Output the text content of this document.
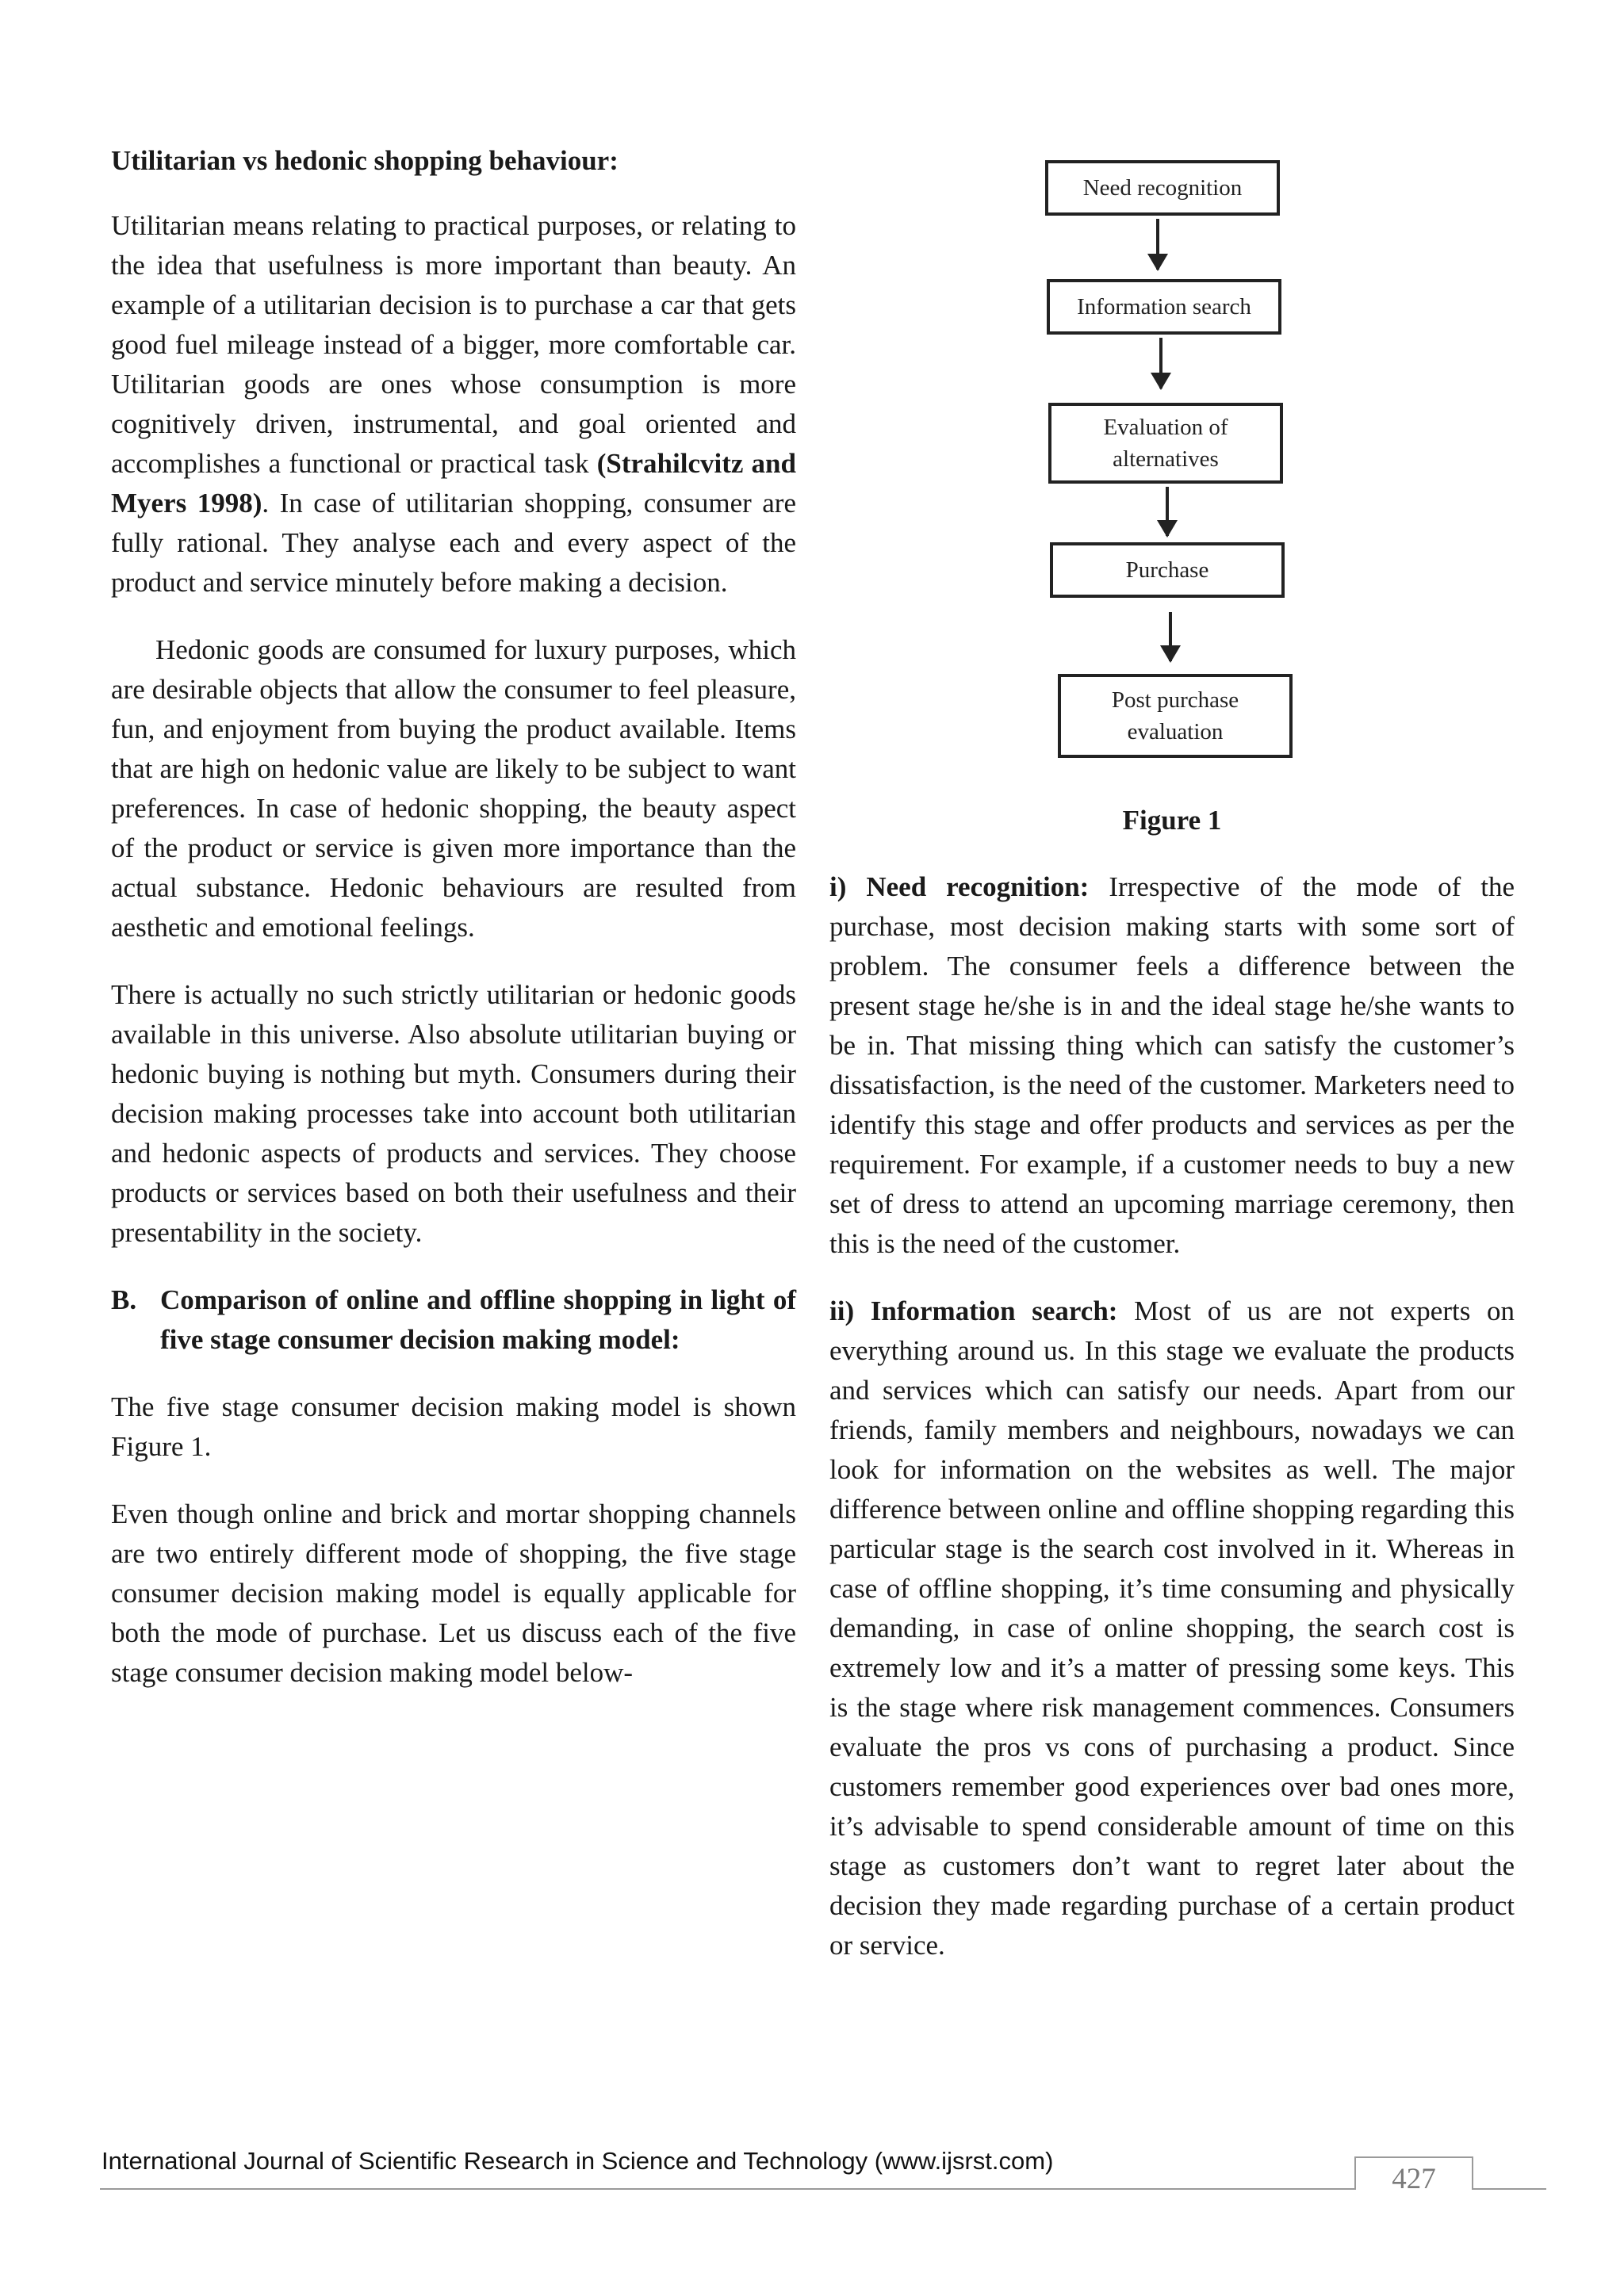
Utilitarian vs hedonic shopping behaviour:

Utilitarian means relating to practical purposes, or relating to the idea that usefulness is more important than beauty. An example of a utilitarian decision is to purchase a car that gets good fuel mileage instead of a bigger, more comfortable car. Utilitarian goods are ones whose consumption is more cognitively driven, instrumental, and goal oriented and accomplishes a functional or practical task (Strahilcvitz and Myers 1998). In case of utilitarian shopping, consumer are fully rational. They analyse each and every aspect of the product and service minutely before making a decision.

Hedonic goods are consumed for luxury purposes, which are desirable objects that allow the consumer to feel pleasure, fun, and enjoyment from buying the product available. Items that are high on hedonic value are likely to be subject to want preferences. In case of hedonic shopping, the beauty aspect of the product or service is given more importance than the actual substance. Hedonic behaviours are resulted from aesthetic and emotional feelings.

There is actually no such strictly utilitarian or hedonic goods available in this universe. Also absolute utilitarian buying or hedonic buying is nothing but myth. Consumers during their decision making processes take into account both utilitarian and hedonic aspects of products and services. They choose products or services based on both their usefulness and their presentability in the society.

B. Comparison of online and offline shopping in light of five stage consumer decision making model:

The five stage consumer decision making model is shown Figure 1.

Even though online and brick and mortar shopping channels are two entirely different mode of shopping, the five stage consumer decision making model is equally applicable for both the mode of purchase. Let us discuss each of the five stage consumer decision making model below-

Need recognition
Information search
Evaluation of
alternatives
Purchase
Post purchase
evaluation
Figure 1

i) Need recognition: Irrespective of the mode of the purchase, most decision making starts with some sort of problem. The consumer feels a difference between the present stage he/she is in and the ideal stage he/she wants to be in. That missing thing which can satisfy the customer’s dissatisfaction, is the need of the customer. Marketers need to identify this stage and offer products and services as per the requirement. For example, if a customer needs to buy a new set of dress to attend an upcoming marriage ceremony, then this is the need of the customer.

ii) Information search: Most of us are not experts on everything around us. In this stage we evaluate the products and services which can satisfy our needs. Apart from our friends, family members and neighbours, nowadays we can look for information on the websites as well. The major difference between online and offline shopping regarding this particular stage is the search cost involved in it. Whereas in case of offline shopping, it’s time consuming and physically demanding, in case of online shopping, the search cost is extremely low and it’s a matter of pressing some keys. This is the stage where risk management commences. Consumers evaluate the pros vs cons of purchasing a product. Since customers remember good experiences over bad ones more, it’s advisable to spend considerable amount of time on this stage as customers don’t want to regret later about the decision they made regarding purchase of a certain product or service.

International Journal of Scientific Research in Science and Technology (www.ijsrst.com)
427
